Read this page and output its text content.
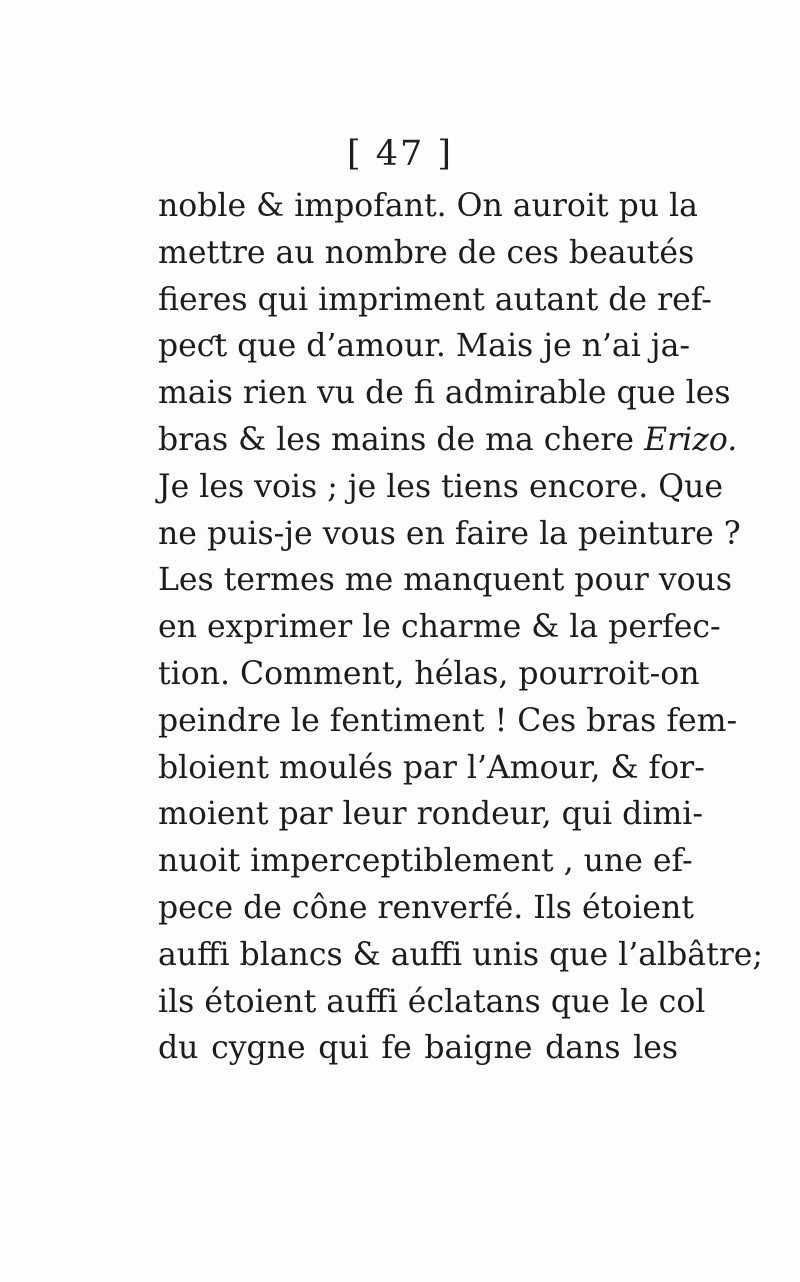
[ 47 ]
noble & impofant. On auroit pu la
mettre au nombre de ces beautés
fieres qui impriment autant de ref-
peƈt que d’amour. Mais je n’ai ja-
mais rien vu de fi admirable que les
bras & les mains de ma chere Erizo.
Je les vois ; je les tiens encore. Que
ne puis-je vous en faire la peinture ?
Les termes me manquent pour vous
en exprimer le charme & la perfec-
tion. Comment, hélas, pourroit-on
peindre le fentiment ! Ces bras fem-
bloient moulés par l’Amour, & for-
moient par leur rondeur, qui dimi-
nuoit imperceptiblement , une ef-
pece de cône renverfé. Ils étoient
auffi blancs & auffi unis que l’albâtre;
ils étoient auffi éclatans que le col
du cygne qui fe baigne dans les
